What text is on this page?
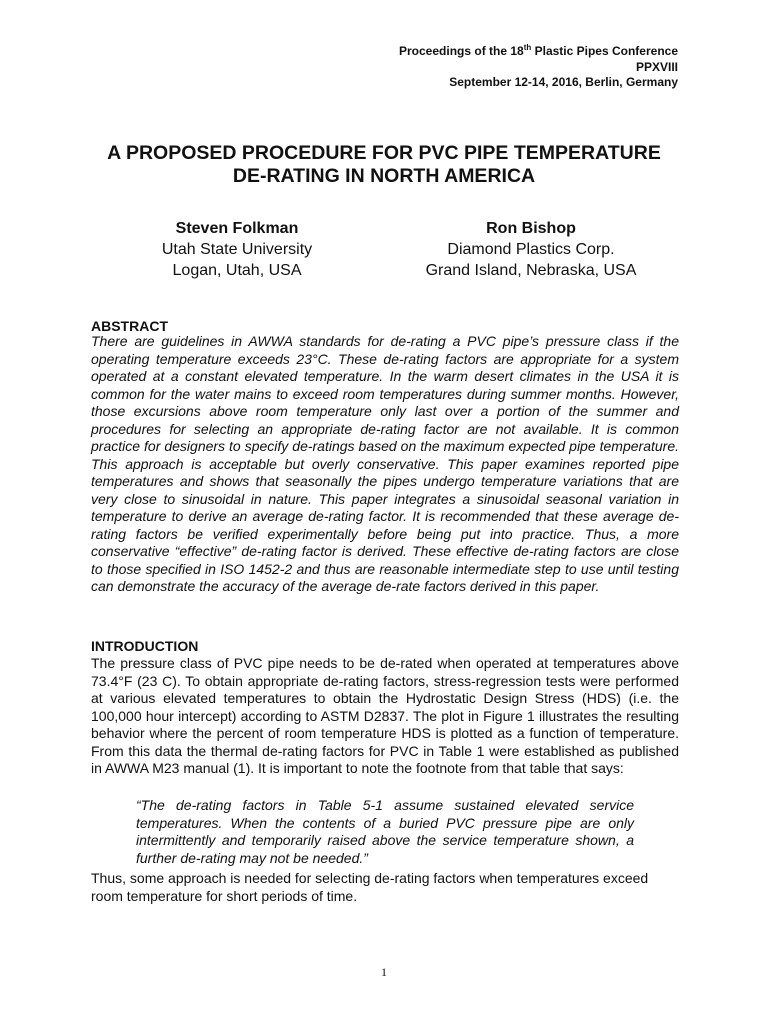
Proceedings of the 18th Plastic Pipes Conference
PPXVIII
September 12-14, 2016, Berlin, Germany
A PROPOSED PROCEDURE FOR PVC PIPE TEMPERATURE
DE-RATING IN NORTH AMERICA
Steven Folkman
Utah State University
Logan, Utah, USA
Ron Bishop
Diamond Plastics Corp.
Grand Island, Nebraska, USA
ABSTRACT

There are guidelines in AWWA standards for de-rating a PVC pipe’s pressure class if the operating temperature exceeds 23°C. These de-rating factors are appropriate for a system operated at a constant elevated temperature. In the warm desert climates in the USA it is common for the water mains to exceed room temperatures during summer months. However, those excursions above room temperature only last over a portion of the summer and procedures for selecting an appropriate de-rating factor are not available. It is common practice for designers to specify de-ratings based on the maximum expected pipe temperature. This approach is acceptable but overly conservative. This paper examines reported pipe temperatures and shows that seasonally the pipes undergo temperature variations that are very close to sinusoidal in nature. This paper integrates a sinusoidal seasonal variation in temperature to derive an average de-rating factor. It is recommended that these average de-rating factors be verified experimentally before being put into practice. Thus, a more conservative “effective” de-rating factor is derived. These effective de-rating factors are close to those specified in ISO 1452-2 and thus are reasonable intermediate step to use until testing can demonstrate the accuracy of the average de-rate factors derived in this paper.

INTRODUCTION

The pressure class of PVC pipe needs to be de-rated when operated at temperatures above 73.4°F (23 C). To obtain appropriate de-rating factors, stress-regression tests were performed at various elevated temperatures to obtain the Hydrostatic Design Stress (HDS) (i.e. the 100,000 hour intercept) according to ASTM D2837. The plot in Figure 1 illustrates the resulting behavior where the percent of room temperature HDS is plotted as a function of temperature. From this data the thermal de-rating factors for PVC in Table 1 were established as published in AWWA M23 manual (1). It is important to note the footnote from that table that says:

“The de-rating factors in Table 5-1 assume sustained elevated service temperatures. When the contents of a buried PVC pressure pipe are only intermittently and temporarily raised above the service temperature shown, a further de-rating may not be needed.”

Thus, some approach is needed for selecting de-rating factors when temperatures exceed room temperature for short periods of time.

1
